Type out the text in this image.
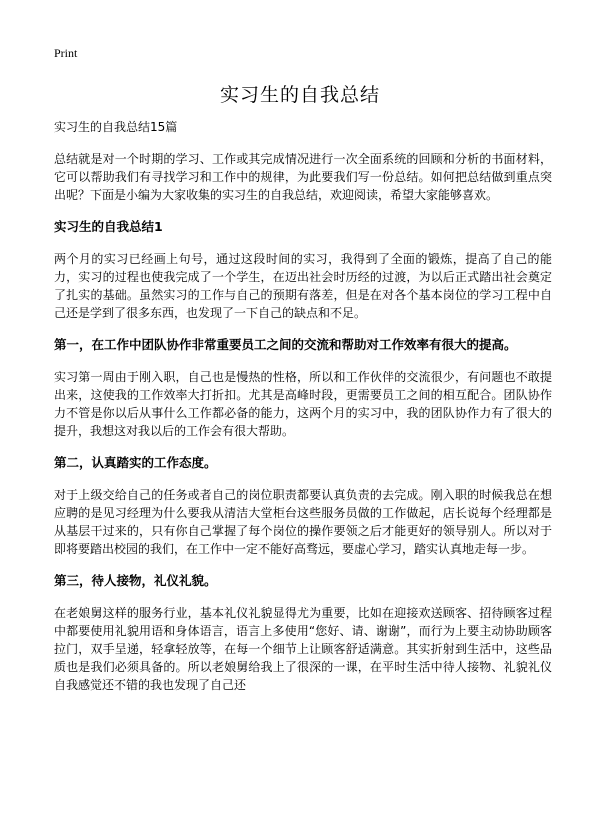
Print
实习生的自我总结
实习生的自我总结15篇

总结就是对一个时期的学习、工作或其完成情况进行一次全面系统的回顾和分析的书面材料，它可以帮助我们有寻找学习和工作中的规律，为此要我们写一份总结。如何把总结做到重点突出呢？下面是小编为大家收集的实习生的自我总结，欢迎阅读，希望大家能够喜欢。

实习生的自我总结1

两个月的实习已经画上句号，通过这段时间的实习，我得到了全面的锻炼，提高了自己的能力，实习的过程也使我完成了一个学生，在迈出社会时历经的过渡，为以后正式踏出社会奠定了扎实的基础。虽然实习的工作与自己的预期有落差，但是在对各个基本岗位的学习工程中自己还是学到了很多东西，也发现了一下自己的缺点和不足。

第一，在工作中团队协作非常重要员工之间的交流和帮助对工作效率有很大的提高。

实习第一周由于刚入职，自己也是慢热的性格，所以和工作伙伴的交流很少，有问题也不敢提出来，这使我的工作效率大打折扣。尤其是高峰时段，更需要员工之间的相互配合。团队协作力不管是你以后从事什么工作都必备的能力，这两个月的实习中，我的团队协作力有了很大的提升，我想这对我以后的工作会有很大帮助。

第二，认真踏实的工作态度。

对于上级交给自己的任务或者自己的岗位职责都要认真负责的去完成。刚入职的时候我总在想应聘的是见习经理为什么要我从清洁大堂柜台这些服务员做的工作做起，店长说每个经理都是从基层干过来的，只有你自己掌握了每个岗位的操作要领之后才能更好的领导别人。所以对于即将要踏出校园的我们，在工作中一定不能好高骛远，要虚心学习，踏实认真地走每一步。

第三，待人接物，礼仪礼貌。

在老娘舅这样的服务行业，基本礼仪礼貌显得尤为重要，比如在迎接欢送顾客、招待顾客过程中都要使用礼貌用语和身体语言，语言上多使用“您好、请、谢谢”，而行为上要主动协助顾客拉门，双手呈递，轻拿轻放等，在每一个细节上让顾客舒适满意。其实折射到生活中，这些品质也是我们必须具备的。所以老娘舅给我上了很深的一课，在平时生活中待人接物、礼貌礼仪自我感觉还不错的我也发现了自己还
